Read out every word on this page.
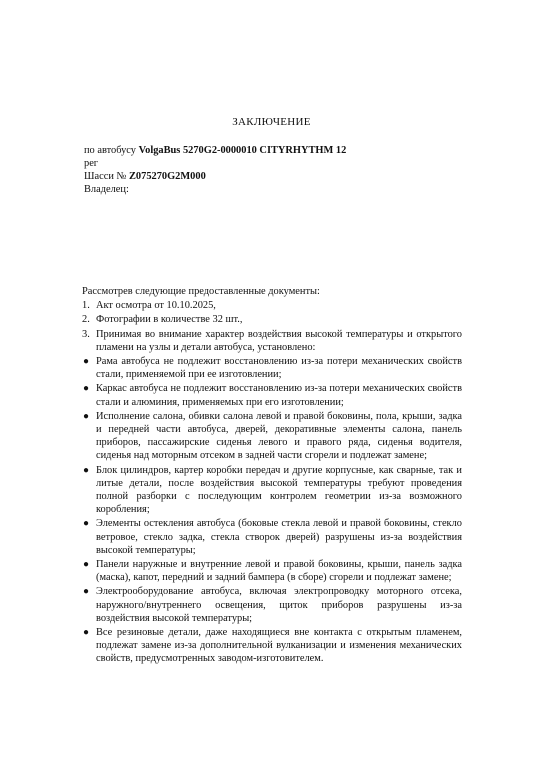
ЗАКЛЮЧЕНИЕ
по автобусу VolgaBus 5270G2-0000010 CITYRHYTHM 12
рег
Шасси № Z075270G2M000
Владелец:

Рассмотрев следующие предоставленные документы:

1. Акт осмотра от 10.10.2025,
2. Фотографии в количестве 32 шт.,
3. Принимая во внимание характер воздействия высокой температуры и открытого пламени на узлы и детали автобуса, установлено:
● Рама автобуса не подлежит восстановлению из-за потери механических свойств стали, применяемой при ее изготовлении;
● Каркас автобуса не подлежит восстановлению из-за потери механических свойств стали и алюминия, применяемых при его изготовлении;
● Исполнение салона, обивки салона левой и правой боковины, пола, крыши, задка и передней части автобуса, дверей, декоративные элементы салона, панель приборов, пассажирские сиденья левого и правого ряда, сиденья водителя, сиденья над моторным отсеком в задней части сгорели и подлежат замене;
● Блок цилиндров, картер коробки передач и другие корпусные, как сварные, так и литые детали, после воздействия высокой температуры требуют проведения полной разборки с последующим контролем геометрии из-за возможного коробления;
● Элементы остекления автобуса (боковые стекла левой и правой боковины, стекло ветровое, стекло задка, стекла створок дверей) разрушены из-за воздействия высокой температуры;
● Панели наружные и внутренние левой и правой боковины, крыши, панель задка (маска), капот, передний и задний бампера (в сборе) сгорели и подлежат замене;
● Электрооборудование автобуса, включая электропроводку моторного отсека, наружного/внутреннего освещения, щиток приборов разрушены из-за воздействия высокой температуры;
● Все резиновые детали, даже находящиеся вне контакта с открытым пламенем, подлежат замене из-за дополнительной вулканизации и изменения механических свойств, предусмотренных заводом-изготовителем.
